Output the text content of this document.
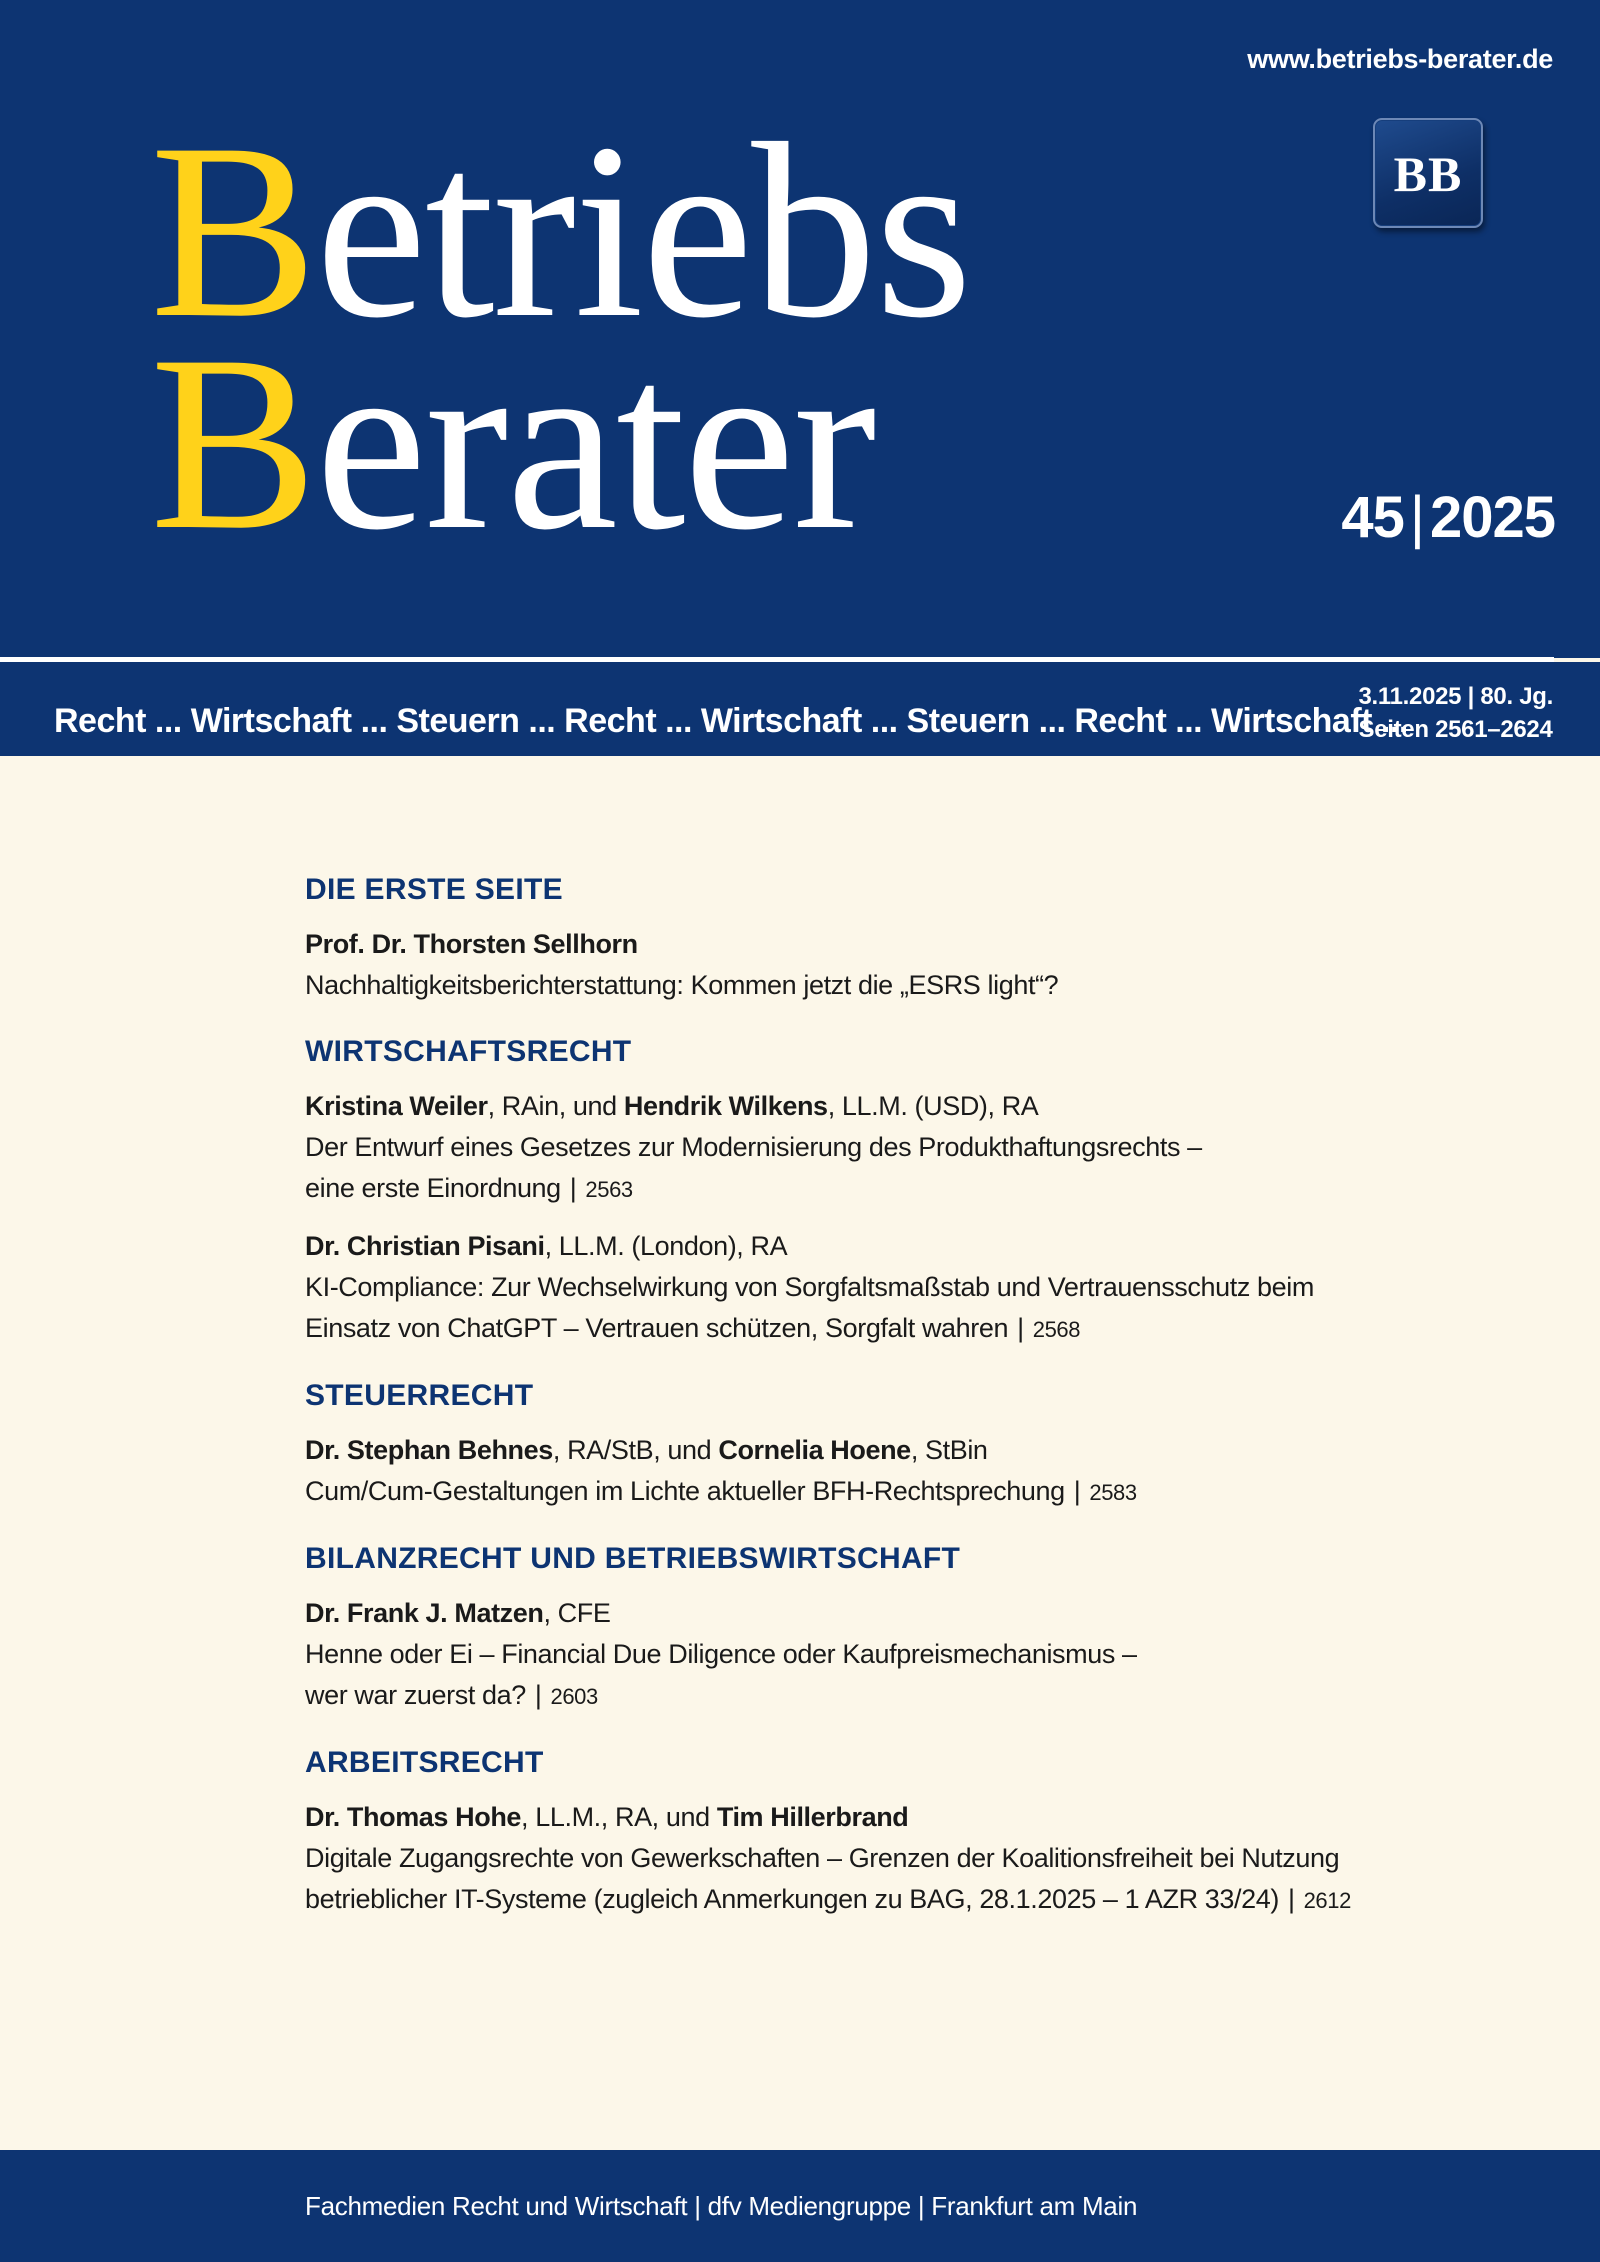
www.betriebs-berater.de
BB
Betriebs
Berater	45 | 2025
Recht ... Wirtschaft ... Steuern ... Recht ... Wirtschaft ... Steuern ... Recht ... Wirtschaft ...
3.11.2025 | 80. Jg.
Seiten 2561–2624
DIE ERSTE SEITE
Prof. Dr. Thorsten Sellhorn
Nachhaltigkeitsberichterstattung: Kommen jetzt die „ESRS light“?
WIRTSCHAFTSRECHT
Kristina Weiler, RAin, und Hendrik Wilkens, LL.M. (USD), RA
Der Entwurf eines Gesetzes zur Modernisierung des Produkthaftungsrechts –
eine erste Einordnung | 2563
Dr. Christian Pisani, LL.M. (London), RA
KI-Compliance: Zur Wechselwirkung von Sorgfaltsmaßstab und Vertrauensschutz beim
Einsatz von ChatGPT – Vertrauen schützen, Sorgfalt wahren | 2568
STEUERRECHT
Dr. Stephan Behnes, RA/StB, und Cornelia Hoene, StBin
Cum/Cum-Gestaltungen im Lichte aktueller BFH-Rechtsprechung | 2583
BILANZRECHT UND BETRIEBSWIRTSCHAFT
Dr. Frank J. Matzen, CFE
Henne oder Ei – Financial Due Diligence oder Kaufpreismechanismus –
wer war zuerst da? | 2603
ARBEITSRECHT
Dr. Thomas Hohe, LL.M., RA, und Tim Hillerbrand
Digitale Zugangsrechte von Gewerkschaften – Grenzen der Koalitionsfreiheit bei Nutzung
betrieblicher IT-Systeme (zugleich Anmerkungen zu BAG, 28.1.2025 – 1 AZR 33/24) | 2612
Fachmedien Recht und Wirtschaft | dfv Mediengruppe | Frankfurt am Main
